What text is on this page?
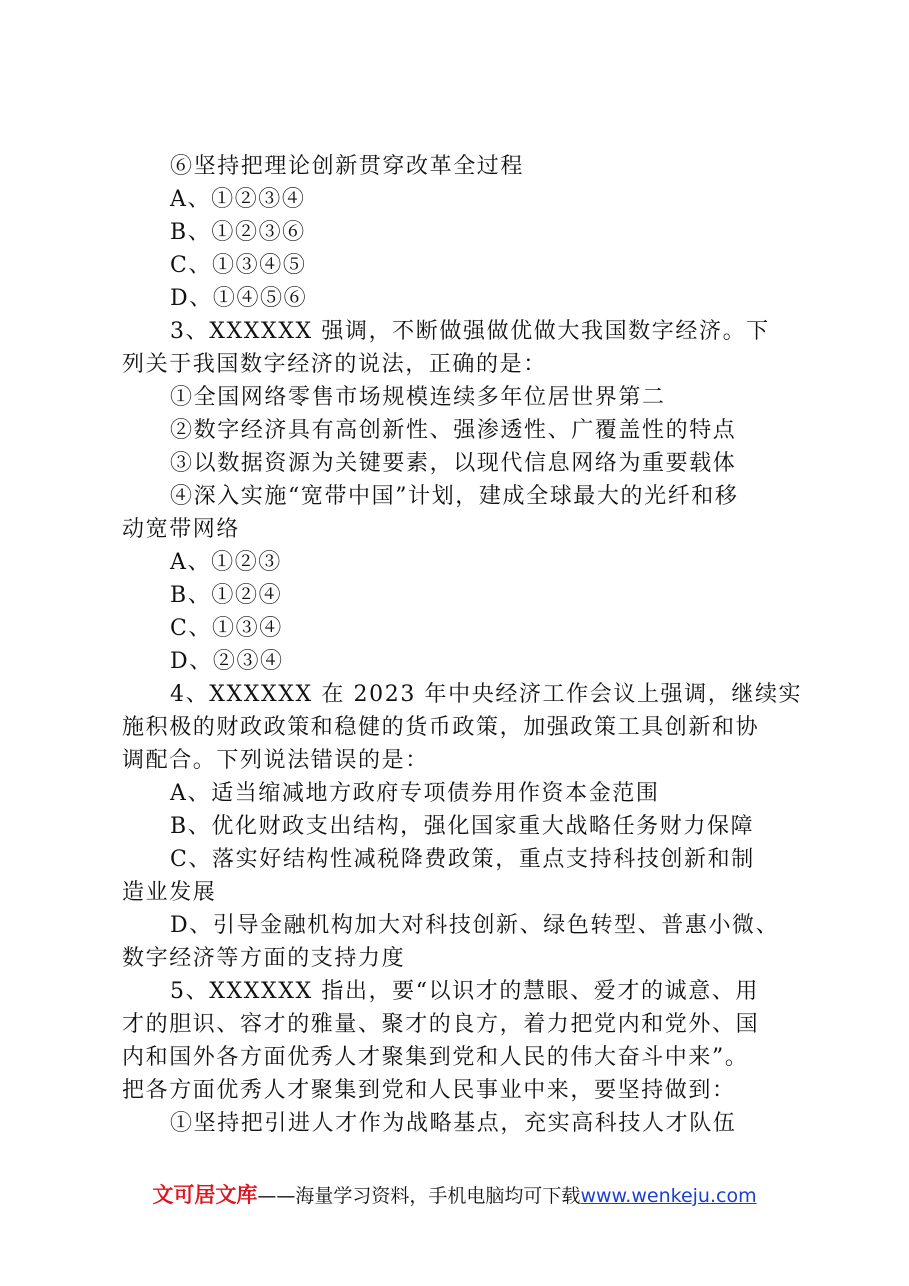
⑥坚持把理论创新贯穿改革全过程
A、①②③④
B、①②③⑥
C、①③④⑤
D、①④⑤⑥
3、XXXXXX 强调，不断做强做优做大我国数字经济。下
列关于我国数字经济的说法，正确的是：
①全国网络零售市场规模连续多年位居世界第二
②数字经济具有高创新性、强渗透性、广覆盖性的特点
③以数据资源为关键要素，以现代信息网络为重要载体
④深入实施“宽带中国”计划，建成全球最大的光纤和移
动宽带网络
A、①②③
B、①②④
C、①③④
D、②③④
4、XXXXXX 在 2023 年中央经济工作会议上强调，继续实
施积极的财政政策和稳健的货币政策，加强政策工具创新和协
调配合。下列说法错误的是：
A、适当缩减地方政府专项债券用作资本金范围
B、优化财政支出结构，强化国家重大战略任务财力保障
C、落实好结构性减税降费政策，重点支持科技创新和制
造业发展
D、引导金融机构加大对科技创新、绿色转型、普惠小微、
数字经济等方面的支持力度
5、XXXXXX 指出，要“以识才的慧眼、爱才的诚意、用
才的胆识、容才的雅量、聚才的良方，着力把党内和党外、国
内和国外各方面优秀人才聚集到党和人民的伟大奋斗中来”。
把各方面优秀人才聚集到党和人民事业中来，要坚持做到：
①坚持把引进人才作为战略基点，充实高科技人才队伍
文可居文库——海量学习资料，手机电脑均可下载www.wenkeju.com
